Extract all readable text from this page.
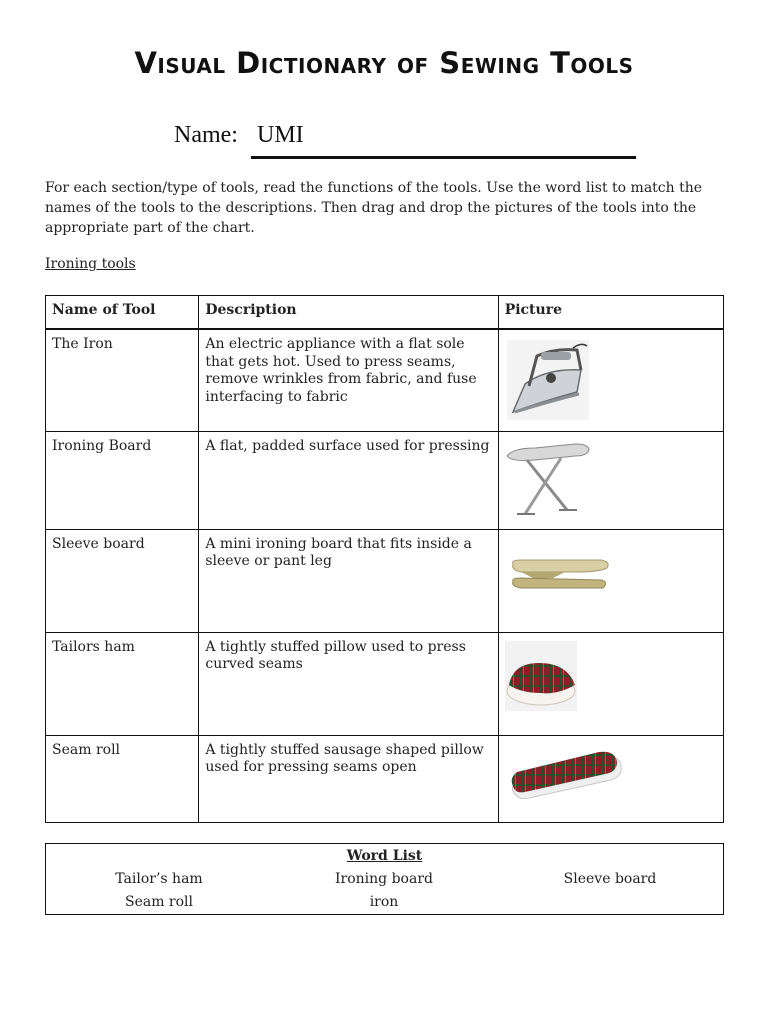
Visual Dictionary of Sewing Tools
Name: UMI
For each section/type of tools, read the functions of the tools. Use the word list to match the names of the tools to the descriptions. Then drag and drop the pictures of the tools into the appropriate part of the chart.
Ironing tools
Name of Tool	Description	Picture
The Iron	An electric appliance with a flat sole that gets hot. Used to press seams, remove wrinkles from fabric, and fuse interfacing to fabric	

Ironing Board	A flat, padded surface used for pressing	

Sleeve board	A mini ironing board that fits inside a sleeve or pant leg	

Tailors ham	A tightly stuffed pillow used to press curved seams	

Seam roll	A tightly stuffed sausage shaped pillow used for pressing seams open	
Word List
Tailor’s ham	Ironing board	Sleeve board
Seam roll	iron
